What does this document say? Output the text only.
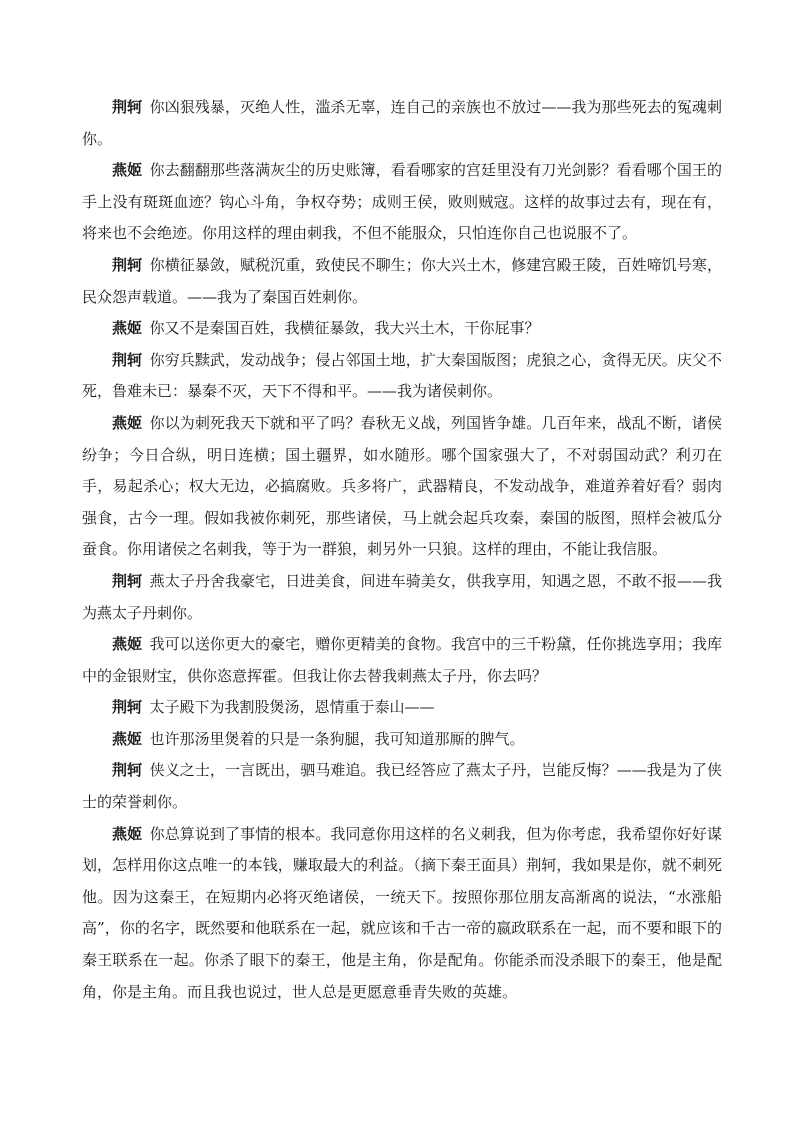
荆轲 你凶狠残暴，灭绝人性，滥杀无辜，连自己的亲族也不放过——我为那些死去的冤魂刺你。

燕姬 你去翻翻那些落满灰尘的历史账簿，看看哪家的宫廷里没有刀光剑影？看看哪个国王的手上没有斑斑血迹？钩心斗角，争权夺势；成则王侯，败则贼寇。这样的故事过去有，现在有，将来也不会绝迹。你用这样的理由刺我，不但不能服众，只怕连你自己也说服不了。

荆轲 你横征暴敛，赋税沉重，致使民不聊生；你大兴土木，修建宫殿王陵，百姓啼饥号寒，民众怨声载道。——我为了秦国百姓刺你。

燕姬 你又不是秦国百姓，我横征暴敛，我大兴土木，干你屁事？

荆轲 你穷兵黩武，发动战争；侵占邻国土地，扩大秦国版图；虎狼之心，贪得无厌。庆父不死，鲁难未已：暴秦不灭，天下不得和平。——我为诸侯刺你。

燕姬 你以为刺死我天下就和平了吗？春秋无义战，列国皆争雄。几百年来，战乱不断，诸侯纷争；今日合纵，明日连横；国土疆界，如水随形。哪个国家强大了，不对弱国动武？利刃在手，易起杀心；权大无边，必搞腐败。兵多将广，武器精良，不发动战争，难道养着好看？弱肉强食，古今一理。假如我被你刺死，那些诸侯，马上就会起兵攻秦，秦国的版图，照样会被瓜分蚕食。你用诸侯之名刺我，等于为一群狼，刺另外一只狼。这样的理由，不能让我信服。

荆轲 燕太子丹舍我豪宅，日进美食，间进车骑美女，供我享用，知遇之恩，不敢不报——我为燕太子丹刺你。

燕姬 我可以送你更大的豪宅，赠你更精美的食物。我宫中的三千粉黛，任你挑选享用；我库中的金银财宝，供你恣意挥霍。但我让你去替我刺燕太子丹，你去吗？

荆轲 太子殿下为我割股煲汤，恩情重于泰山——

燕姬 也许那汤里煲着的只是一条狗腿，我可知道那厮的脾气。

荆轲 侠义之士，一言既出，驷马难追。我已经答应了燕太子丹，岂能反悔？——我是为了侠士的荣誉刺你。

燕姬 你总算说到了事情的根本。我同意你用这样的名义刺我，但为你考虑，我希望你好好谋划，怎样用你这点唯一的本钱，赚取最大的利益。（摘下秦王面具）荆轲，我如果是你，就不刺死他。因为这秦王，在短期内必将灭绝诸侯，一统天下。按照你那位朋友高渐离的说法，“水涨船高”，你的名字，既然要和他联系在一起，就应该和千古一帝的嬴政联系在一起，而不要和眼下的秦王联系在一起。你杀了眼下的秦王，他是主角，你是配角。你能杀而没杀眼下的秦王，他是配角，你是主角。而且我也说过，世人总是更愿意垂青失败的英雄。
